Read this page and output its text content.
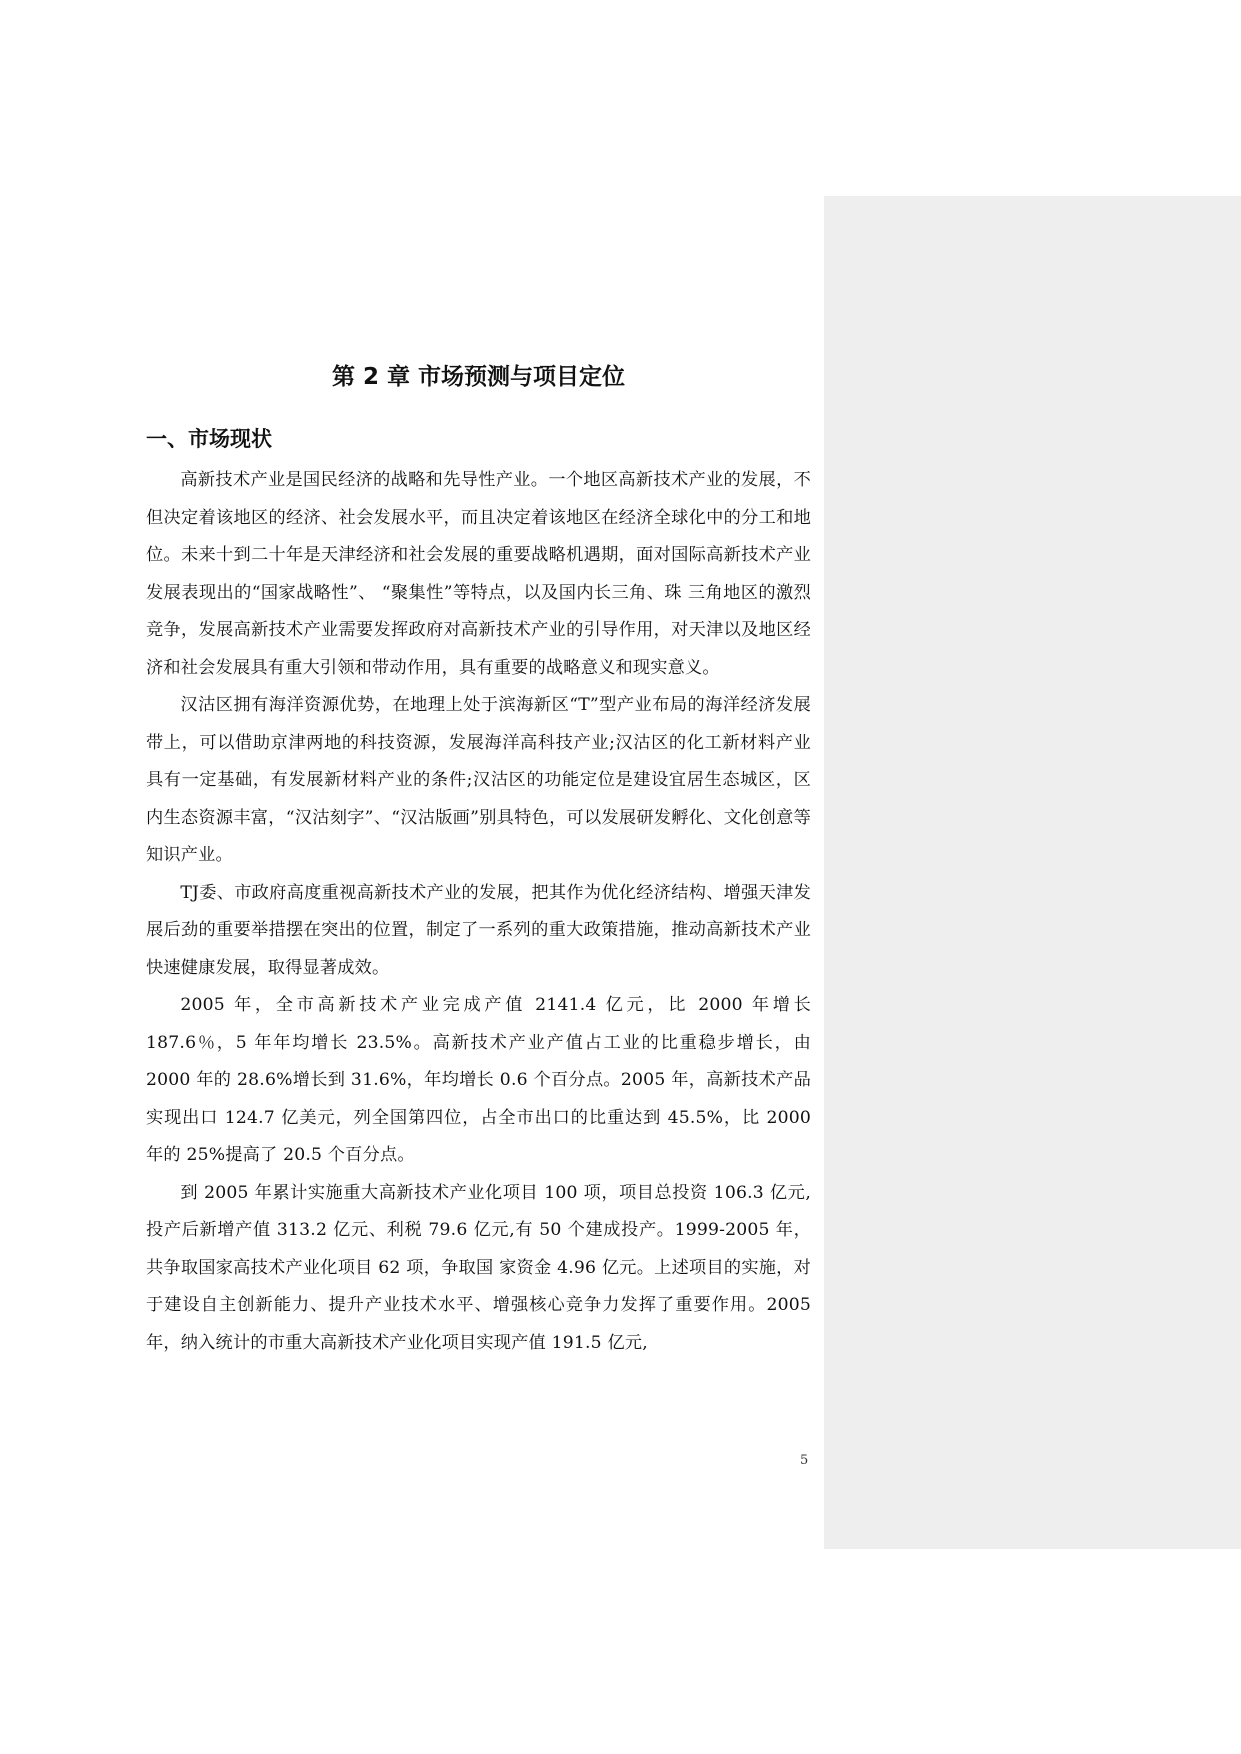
第 2 章 市场预测与项目定位
一、市场现状

高新技术产业是国民经济的战略和先导性产业。一个地区高新技术产业的发展，不但决定着该地区的经济、社会发展水平，而且决定着该地区在经济全球化中的分工和地位。未来十到二十年是天津经济和社会发展的重要战略机遇期，面对国际高新技术产业发展表现出的“国家战略性”、 “聚集性”等特点，以及国内长三角、珠 三角地区的激烈竞争，发展高新技术产业需要发挥政府对高新技术产业的引导作用，对天津以及地区经济和社会发展具有重大引领和带动作用，具有重要的战略意义和现实意义。

汉沽区拥有海洋资源优势，在地理上处于滨海新区“T”型产业布局的海洋经济发展带上，可以借助京津两地的科技资源，发展海洋高科技产业;汉沽区的化工新材料产业具有一定基础，有发展新材料产业的条件;汉沽区的功能定位是建设宜居生态城区，区内生态资源丰富，“汉沽刻字”、“汉沽版画”别具特色，可以发展研发孵化、文化创意等知识产业。

TJ委、市政府高度重视高新技术产业的发展，把其作为优化经济结构、增强天津发展后劲的重要举措摆在突出的位置，制定了一系列的重大政策措施，推动高新技术产业快速健康发展，取得显著成效。

2005 年，全市高新技术产业完成产值 2141.4 亿元，比 2000 年增长 187.6％，5 年年均增长 23.5%。高新技术产业产值占工业的比重稳步增长，由 2000 年的 28.6%增长到 31.6%，年均增长 0.6 个百分点。2005 年，高新技术产品实现出口 124.7 亿美元，列全国第四位，占全市出口的比重达到 45.5%，比 2000 年的 25%提高了 20.5 个百分点。

到 2005 年累计实施重大高新技术产业化项目 100 项，项目总投资 106.3 亿元,投产后新增产值 313.2 亿元、利税 79.6 亿元,有 50 个建成投产。1999-2005 年，共争取国家高技术产业化项目 62 项，争取国 家资金 4.96 亿元。上述项目的实施，对于建设自主创新能力、提升产业技术水平、增强核心竞争力发挥了重要作用。2005 年，纳入统计的市重大高新技术产业化项目实现产值 191.5 亿元,

5
